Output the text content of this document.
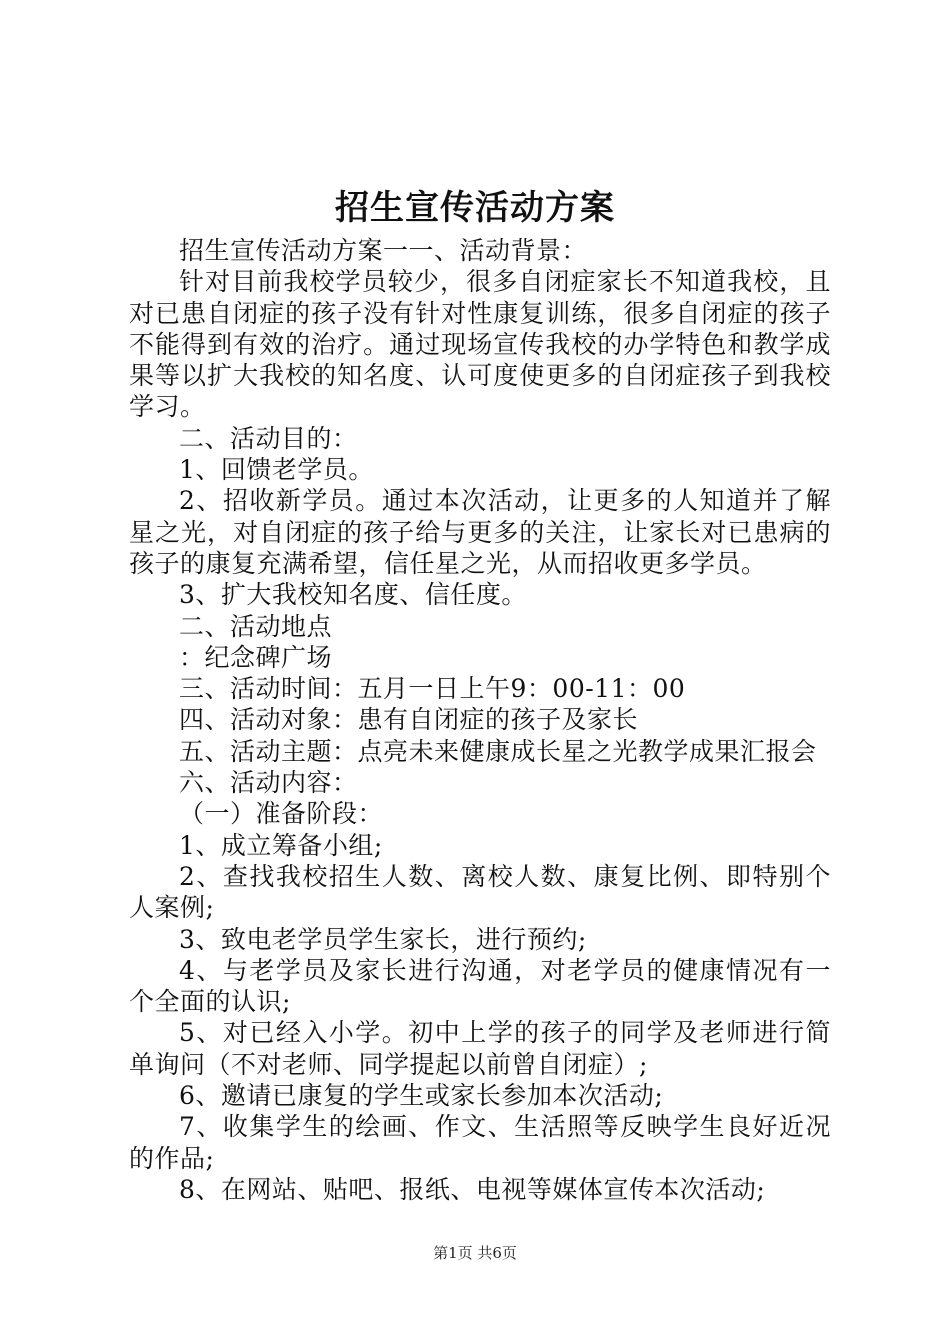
招生宣传活动方案

招生宣传活动方案一一、活动背景：

针对目前我校学员较少，很多自闭症家长不知道我校，且对已患自闭症的孩子没有针对性康复训练，很多自闭症的孩子不能得到有效的治疗。通过现场宣传我校的办学特色和教学成果等以扩大我校的知名度、认可度使更多的自闭症孩子到我校学习。

二、活动目的：

1、回馈老学员。

2、招收新学员。通过本次活动，让更多的人知道并了解星之光，对自闭症的孩子给与更多的关注，让家长对已患病的孩子的康复充满希望，信任星之光，从而招收更多学员。

3、扩大我校知名度、信任度。

二、活动地点

：纪念碑广场

三、活动时间：五月一日上午9：00-11：00

四、活动对象：患有自闭症的孩子及家长

五、活动主题：点亮未来健康成长星之光教学成果汇报会

六、活动内容：

（一）准备阶段：

1、成立筹备小组;

2、查找我校招生人数、离校人数、康复比例、即特别个人案例;

3、致电老学员学生家长，进行预约;

4、与老学员及家长进行沟通，对老学员的健康情况有一个全面的认识;

5、对已经入小学。初中上学的孩子的同学及老师进行简单询问（不对老师、同学提起以前曾自闭症）;

6、邀请已康复的学生或家长参加本次活动;

7、收集学生的绘画、作文、生活照等反映学生良好近况的作品;

8、在网站、贴吧、报纸、电视等媒体宣传本次活动;

第1页 共6页
